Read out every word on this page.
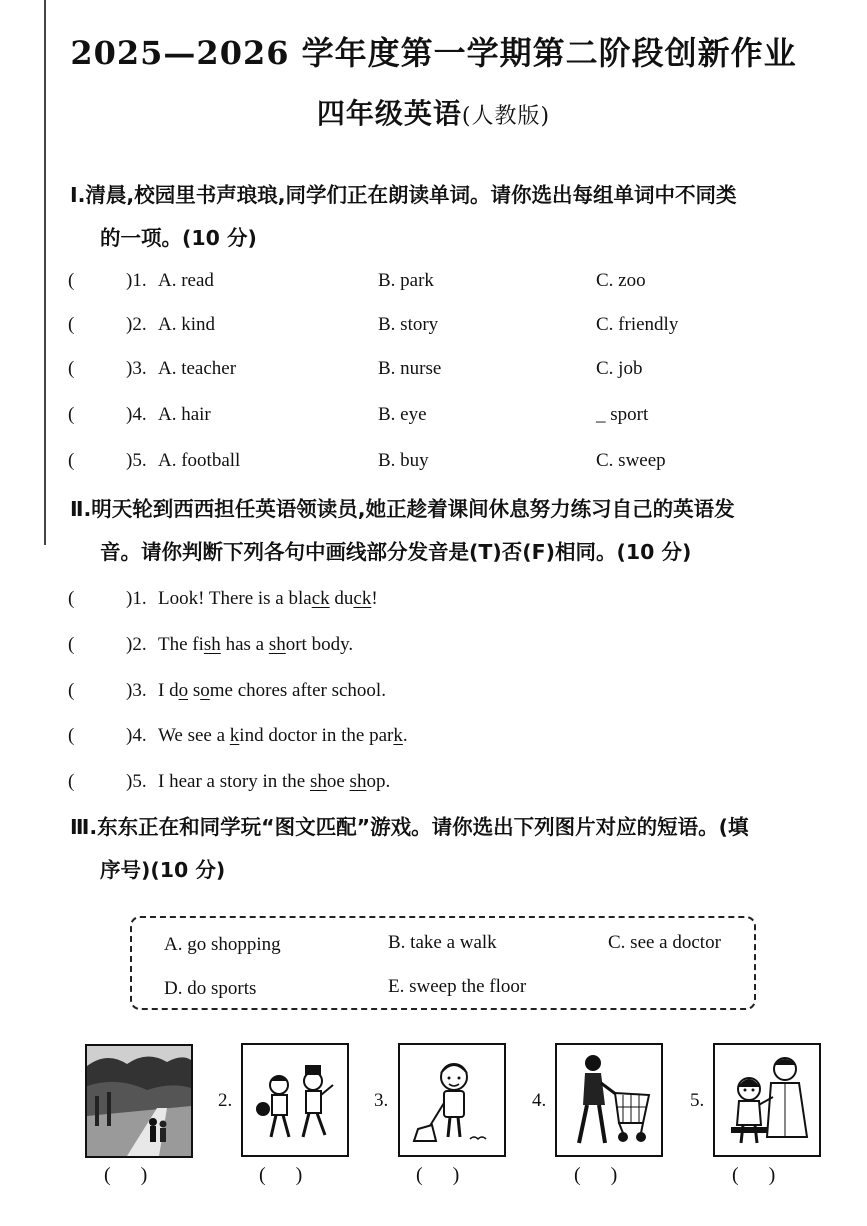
2025—2026 学年度第一学期第二阶段创新作业
四年级英语(人教版)
Ⅰ.清晨,校园里书声琅琅,同学们正在朗读单词。请你选出每组单词中不同类
的一项。(10 分)
(	)1. A. read	B. park	C. zoo
(	)2. A. kind	B. story	C. friendly
(	)3. A. teacher	B. nurse	C. job
(	)4. A. hair	B. eye	_ sport
(	)5. A. football	B. buy	C. sweep
Ⅱ.明天轮到西西担任英语领读员,她正趁着课间休息努力练习自己的英语发
音。请你判断下列各句中画线部分发音是(T)否(F)相同。(10 分)
(	)1. Look! There is a black duck!
(	)2. The fish has a short body.
(	)3. I do some chores after school.
(	)4. We see a kind doctor in the park.
(	)5. I hear a story in the shoe shop.
Ⅲ.东东正在和同学玩“图文匹配”游戏。请你选出下列图片对应的短语。(填
序号)(10 分)
A. go shopping	B. take a walk	C. see a doctor
D. do sports	E. sweep the floor
2.	3.	4.	5.
(      )	(      )	(      )	(      )	(      )
